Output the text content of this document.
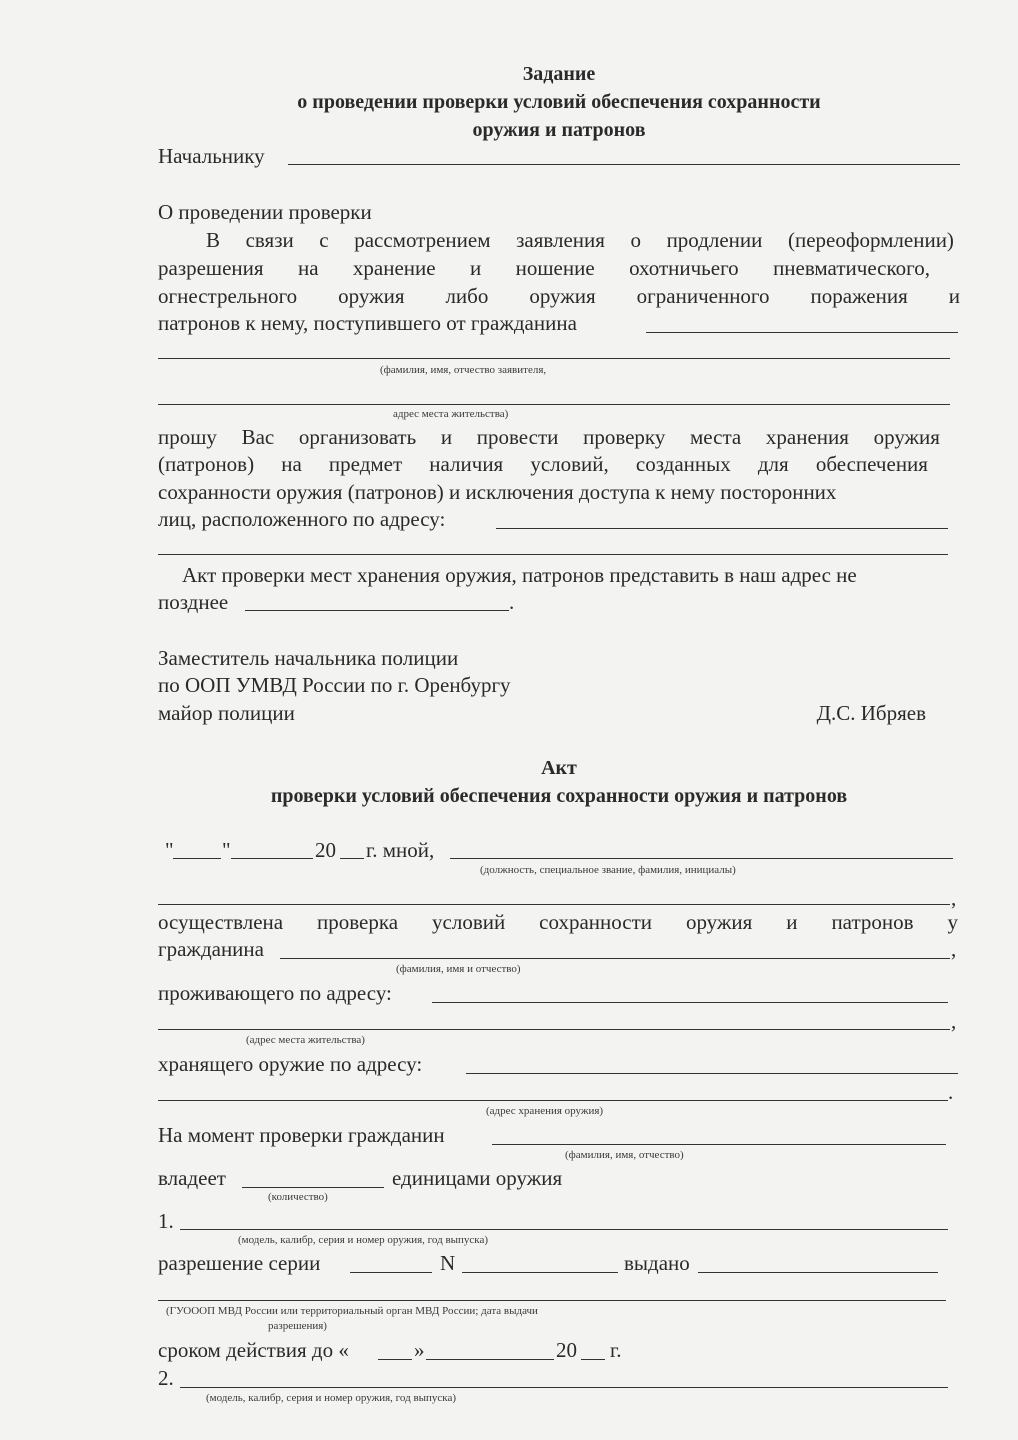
Задание
о проведении проверки условий обеспечения сохранности
оружия и патронов
Начальнику
О проведении проверки
В связи с рассмотрением заявления о продлении (переоформлении)
разрешения на хранение и ношение охотничьего пневматического,
огнестрельного оружия либо оружия ограниченного поражения и
патронов к нему, поступившего от гражданина
(фамилия, имя, отчество заявителя,
адрес места жительства)
прошу Вас организовать и провести проверку места хранения оружия
(патронов) на предмет наличия условий, созданных для обеспечения
сохранности оружия (патронов) и исключения доступа к нему посторонних
лиц, расположенного по адресу:
Акт проверки мест хранения оружия, патронов представить в наш адрес не
позднее	.
Заместитель начальника полиции
по ООП УМВД России по г. Оренбургу
майор полиции	Д.С. Ибряев
Акт
проверки условий обеспечения сохранности оружия и патронов
" "	20 г. мной,
(должность, специальное звание, фамилия, инициалы)
,
осуществлена проверка условий сохранности оружия и патронов у
гражданина	,
(фамилия, имя и отчество)
проживающего по адресу:
,
(адрес места жительства)
хранящего оружие по адресу:
.
(адрес хранения оружия)
На момент проверки гражданин
(фамилия, имя, отчество)
владеет	единицами оружия
(количество)
1.
(модель, калибр, серия и номер оружия, год выпуска)
разрешение серии	N	выдано
(ГУОООП МВД России или территориальный орган МВД России; дата выдачи
разрешения)
сроком действия до «	»	20 г.
2.
(модель, калибр, серия и номер оружия, год выпуска)
